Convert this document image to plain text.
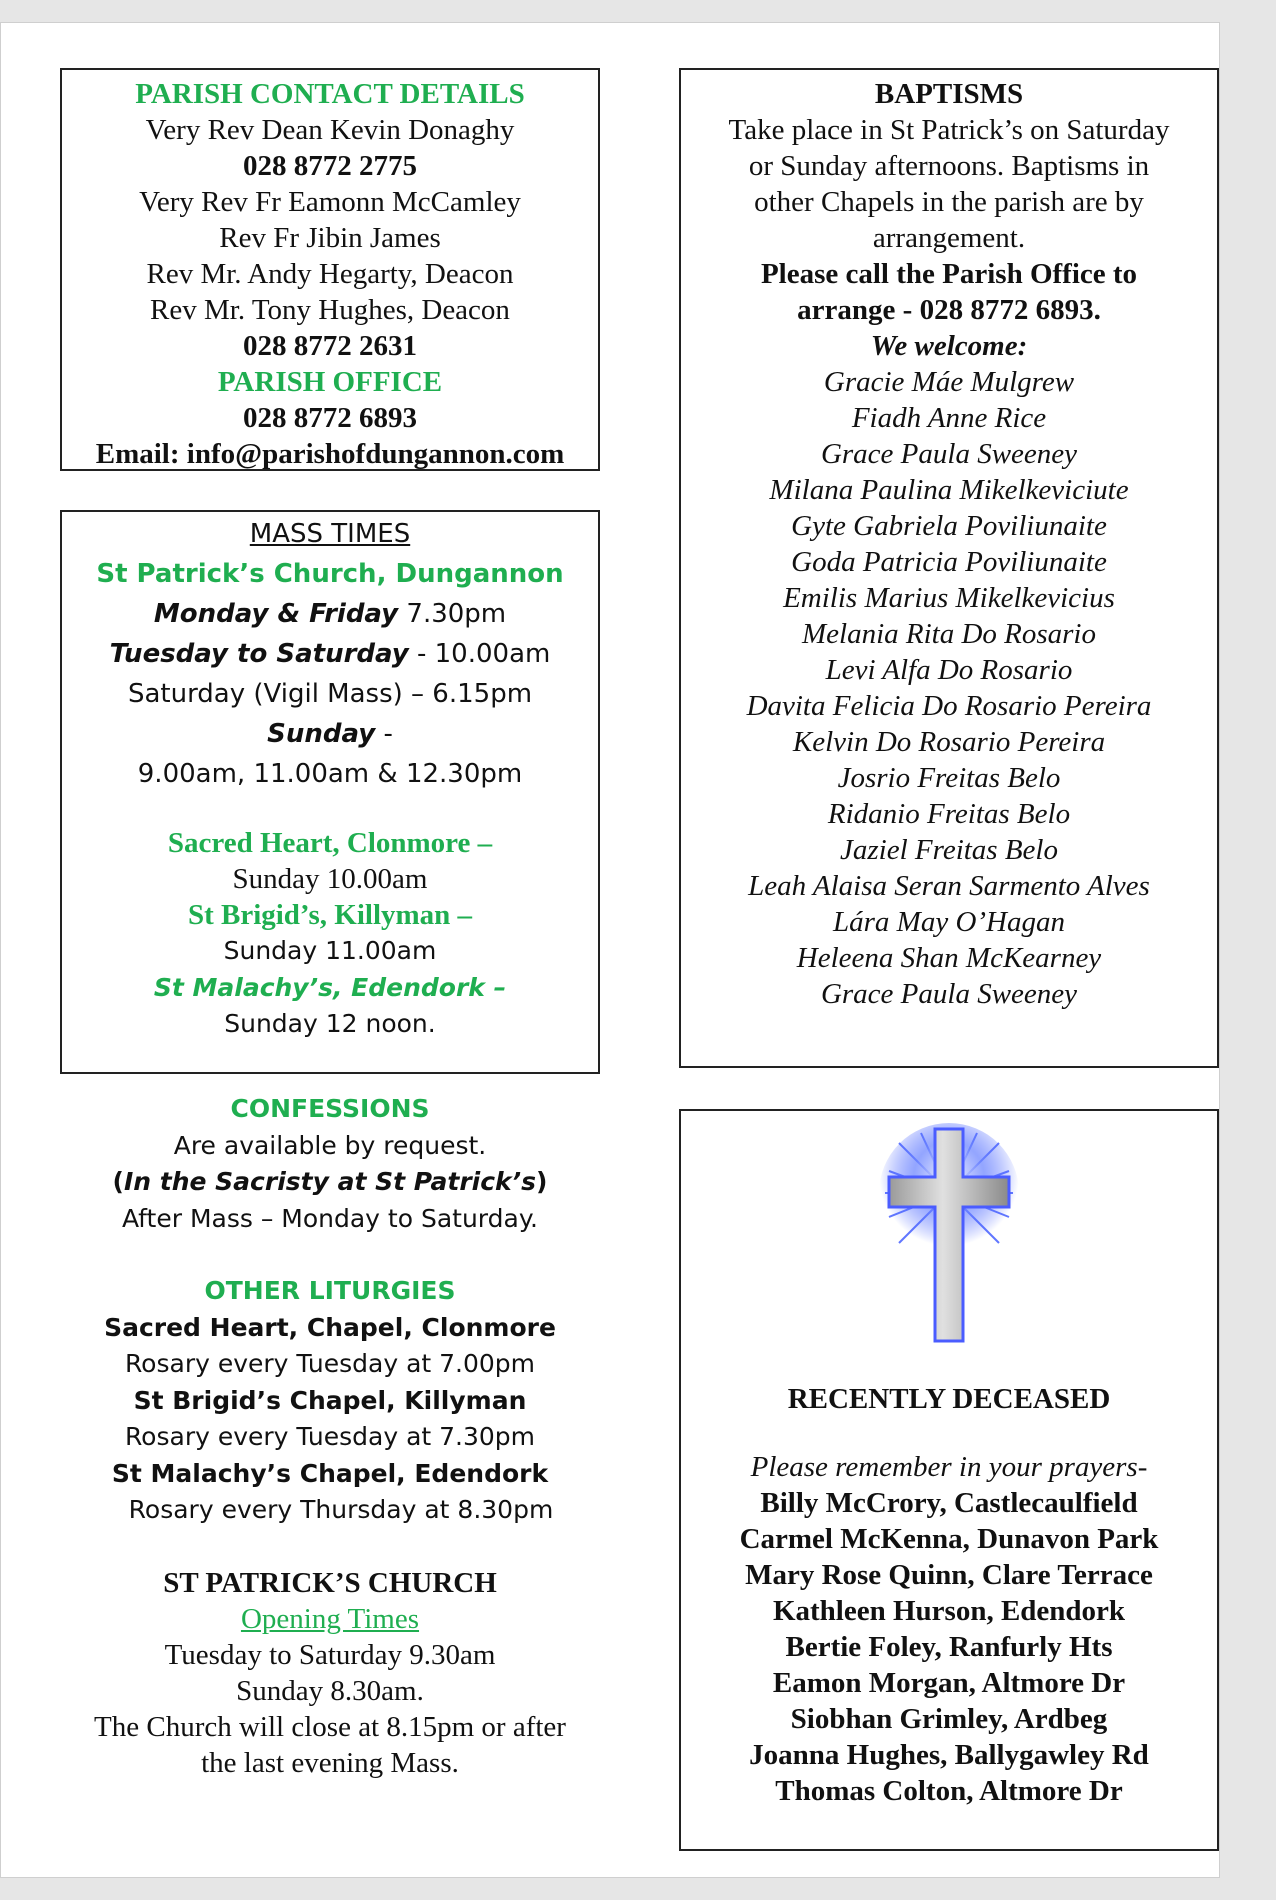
PARISH CONTACT DETAILS
Very Rev Dean Kevin Donaghy
028 8772 2775
Very Rev Fr Eamonn McCamley
Rev Fr Jibin James
Rev Mr. Andy Hegarty, Deacon
Rev Mr. Tony Hughes, Deacon
028 8772 2631
PARISH OFFICE
028 8772 6893
Email: info@parishofdungannon.com
MASS TIMES
St Patrick’s Church, Dungannon
Monday & Friday 7.30pm
Tuesday to Saturday - 10.00am
Saturday (Vigil Mass) – 6.15pm
Sunday -
9.00am, 11.00am & 12.30pm
Sacred Heart, Clonmore –
Sunday 10.00am
St Brigid’s, Killyman –
Sunday 11.00am
St Malachy’s, Edendork –
Sunday 12 noon.
CONFESSIONS
Are available by request.
(In the Sacristy at St Patrick’s)
After Mass – Monday to Saturday.
OTHER LITURGIES
Sacred Heart, Chapel, Clonmore
Rosary every Tuesday at 7.00pm
St Brigid’s Chapel, Killyman
Rosary every Tuesday at 7.30pm
St Malachy’s Chapel, Edendork
Rosary every Thursday at 8.30pm
ST PATRICK’S CHURCH
Opening Times
Tuesday to Saturday 9.30am
Sunday 8.30am.
The Church will close at 8.15pm or after
the last evening Mass.
BAPTISMS
Take place in St Patrick’s on Saturday
or Sunday afternoons. Baptisms in
other Chapels in the parish are by
arrangement.
Please call the Parish Office to
arrange - 028 8772 6893.
We welcome:
Gracie Máe Mulgrew
Fiadh Anne Rice
Grace Paula Sweeney
Milana Paulina Mikelkeviciute
Gyte Gabriela Poviliunaite
Goda Patricia Poviliunaite
Emilis Marius Mikelkevicius
Melania Rita Do Rosario
Levi Alfa Do Rosario
Davita Felicia Do Rosario Pereira
Kelvin Do Rosario Pereira
Josrio Freitas Belo
Ridanio Freitas Belo
Jaziel Freitas Belo
Leah Alaisa Seran Sarmento Alves
Lára May O’Hagan
Heleena Shan McKearney
Grace Paula Sweeney
RECENTLY DECEASED
Please remember in your prayers-
Billy McCrory, Castlecaulfield
Carmel McKenna, Dunavon Park
Mary Rose Quinn, Clare Terrace
Kathleen Hurson, Edendork
Bertie Foley, Ranfurly Hts
Eamon Morgan, Altmore Dr
Siobhan Grimley, Ardbeg
Joanna Hughes, Ballygawley Rd
Thomas Colton, Altmore Dr
